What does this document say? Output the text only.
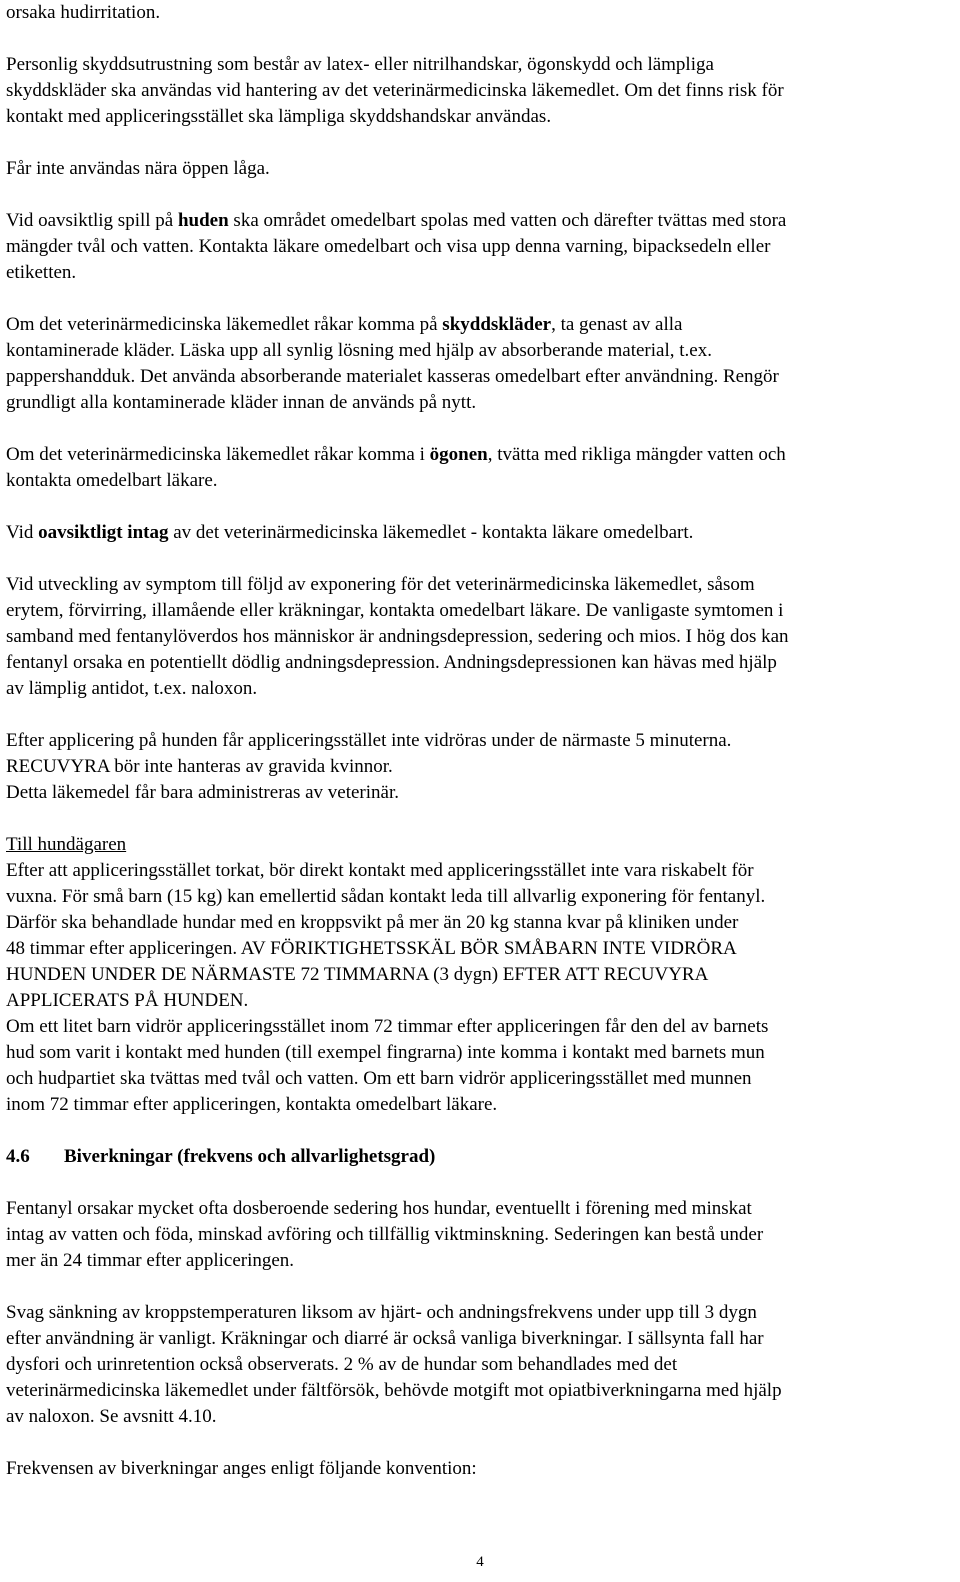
orsaka hudirritation.

Personlig skyddsutrustning som består av latex- eller nitrilhandskar, ögonskydd och lämpliga
skyddskläder ska användas vid hantering av det veterinärmedicinska läkemedlet. Om det finns risk för
kontakt med appliceringsstället ska lämpliga skyddshandskar användas.

Får inte användas nära öppen låga.

Vid oavsiktlig spill på huden ska området omedelbart spolas med vatten och därefter tvättas med stora
mängder tvål och vatten. Kontakta läkare omedelbart och visa upp denna varning, bipacksedeln eller
etiketten.

Om det veterinärmedicinska läkemedlet råkar komma på skyddskläder, ta genast av alla
kontaminerade kläder. Läska upp all synlig lösning med hjälp av absorberande material, t.ex.
pappershandduk. Det använda absorberande materialet kasseras omedelbart efter användning. Rengör
grundligt alla kontaminerade kläder innan de används på nytt.

Om det veterinärmedicinska läkemedlet råkar komma i ögonen, tvätta med rikliga mängder vatten och
kontakta omedelbart läkare.

Vid oavsiktligt intag av det veterinärmedicinska läkemedlet - kontakta läkare omedelbart.

Vid utveckling av symptom till följd av exponering för det veterinärmedicinska läkemedlet, såsom
erytem, förvirring, illamående eller kräkningar, kontakta omedelbart läkare. De vanligaste symtomen i
samband med fentanylöverdos hos människor är andningsdepression, sedering och mios. I hög dos kan
fentanyl orsaka en potentiellt dödlig andningsdepression. Andningsdepressionen kan hävas med hjälp
av lämplig antidot, t.ex. naloxon.

Efter applicering på hunden får appliceringsstället inte vidröras under de närmaste 5 minuterna.
RECUVYRA bör inte hanteras av gravida kvinnor.
Detta läkemedel får bara administreras av veterinär.

Till hundägaren

Efter att appliceringsstället torkat, bör direkt kontakt med appliceringsstället inte vara riskabelt för
vuxna. För små barn (15 kg) kan emellertid sådan kontakt leda till allvarlig exponering för fentanyl.
Därför ska behandlade hundar med en kroppsvikt på mer än 20 kg stanna kvar på kliniken under
48 timmar efter appliceringen. AV FÖRIKTIGHETSSKÄL BÖR SMÅBARN INTE VIDRÖRA
HUNDEN UNDER DE NÄRMASTE 72 TIMMARNA (3 dygn) EFTER ATT RECUVYRA
APPLICERATS PÅ HUNDEN.
Om ett litet barn vidrör appliceringsstället inom 72 timmar efter appliceringen får den del av barnets
hud som varit i kontakt med hunden (till exempel fingrarna) inte komma i kontakt med barnets mun
och hudpartiet ska tvättas med tvål och vatten. Om ett barn vidrör appliceringsstället med munnen
inom 72 timmar efter appliceringen, kontakta omedelbart läkare.

4.6	Biverkningar (frekvens och allvarlighetsgrad)

Fentanyl orsakar mycket ofta dosberoende sedering hos hundar, eventuellt i förening med minskat
intag av vatten och föda, minskad avföring och tillfällig viktminskning. Sederingen kan bestå under
mer än 24 timmar efter appliceringen.

Svag sänkning av kroppstemperaturen liksom av hjärt- och andningsfrekvens under upp till 3 dygn
efter användning är vanligt. Kräkningar och diarré är också vanliga biverkningar. I sällsynta fall har
dysfori och urinretention också observerats. 2 % av de hundar som behandlades med det
veterinärmedicinska läkemedlet under fältförsök, behövde motgift mot opiatbiverkningarna med hjälp
av naloxon. Se avsnitt 4.10.

Frekvensen av biverkningar anges enligt följande konvention:

4
